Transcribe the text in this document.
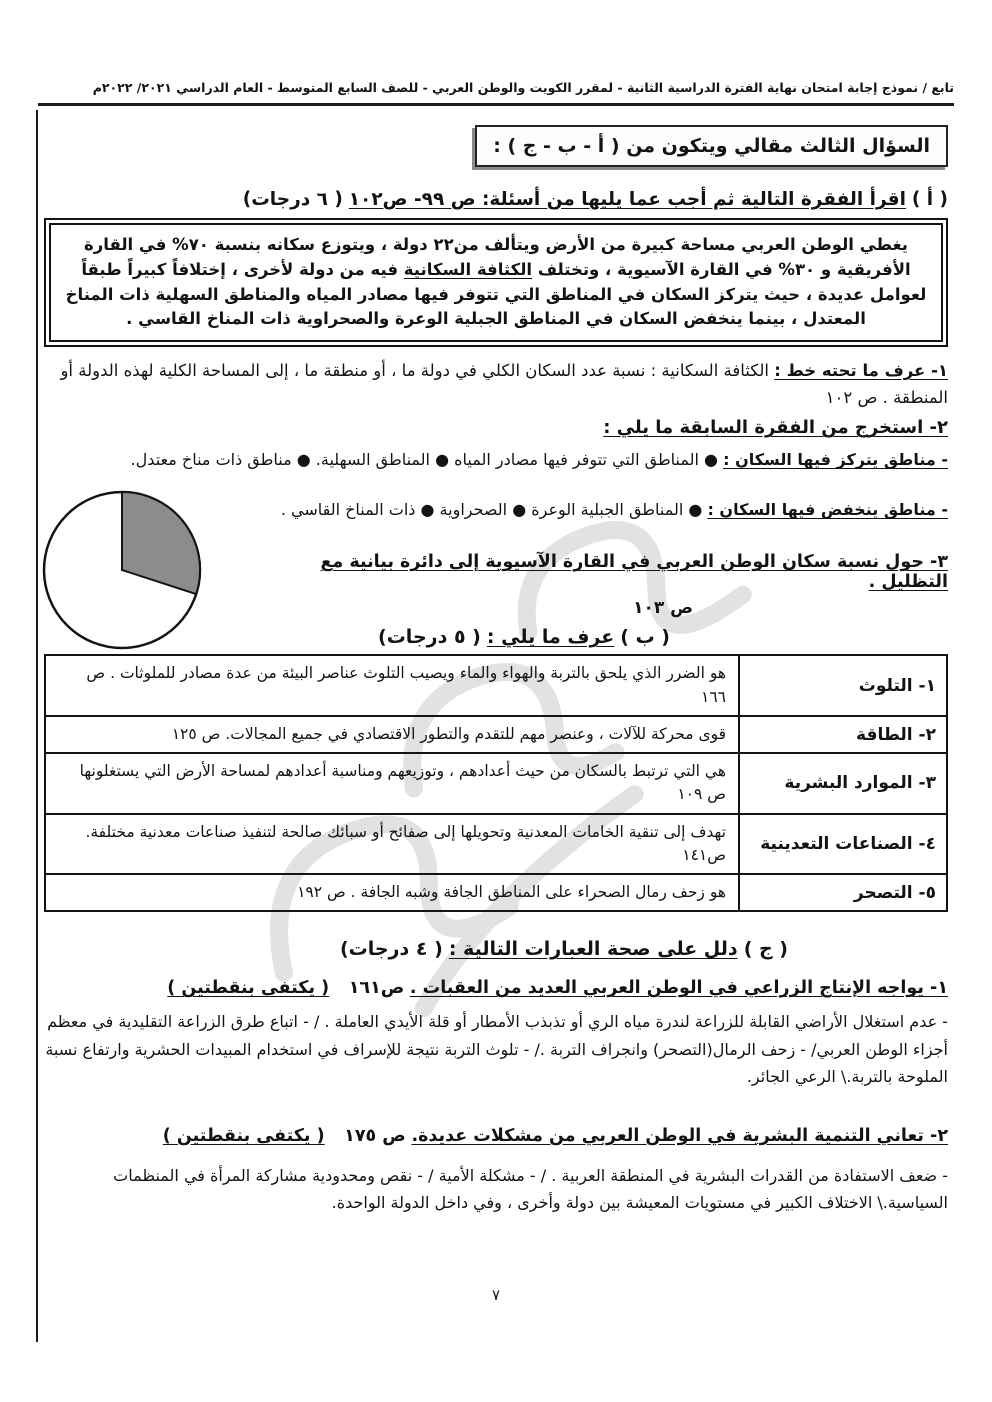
تابع / نموذج إجابة امتحان نهاية الفترة الدراسية الثانية - لمقرر الكويت والوطن العربي - للصف السابع المتوسط - العام الدراسي ٢٠٢١/ ٢٠٢٢م
السؤال الثالث مقالي ويتكون من ( أ - ب - ج ) :
( أ ) اقرأ الفقرة التالية ثم أجب عما يليها من أسئلة: ص ٩٩- ص١٠٢ ( ٦ درجات)
يغطي الوطن العربي مساحة كبيرة من الأرض ويتألف من٢٢ دولة ، ويتوزع سكانه بنسبة ٧٠% في القارة الأفريقية و ٣٠% في القارة الآسيوية ، وتختلف الكثافة السكانية فيه من دولة لأخرى ، إختلافاً كبيراً طبقاً لعوامل عديدة ، حيث يتركز السكان في المناطق التي تتوفر فيها مصادر المياه والمناطق السهلية ذات المناخ المعتدل ، بينما ينخفض السكان في المناطق الجبلية الوعرة والصحراوية ذات المناخ القاسي .
١- عرف ما تحته خط : الكثافة السكانية : نسبة عدد السكان الكلي في دولة ما ، أو منطقة ما ، إلى المساحة الكلية لهذه الدولة أو المنطقة . ص ١٠٢
٢- استخرج من الفقرة السابقة ما يلي :
- مناطق يتركز فيها السكان : ● المناطق التي تتوفر فيها مصادر المياه ● المناطق السهلية. ● مناطق ذات مناخ معتدل.
- مناطق ينخفض فيها السكان : ● المناطق الجبلية الوعرة ● الصحراوية ● ذات المناخ القاسي .
٣- حول نسبة سكان الوطن العربي في القارة الآسيوية إلى دائرة بيانية مع التظليل .
ص ١٠٣
( ب ) عرف ما يلي : ( ٥ درجات)
١- التلوث	هو الضرر الذي يلحق بالتربة والهواء والماء ويصيب التلوث عناصر البيئة من عدة مصادر للملوثات . ص ١٦٦
٢- الطاقة	قوى محركة للآلات ، وعنصر مهم للتقدم والتطور الاقتصادي في جميع المجالات. ص ١٢٥
٣- الموارد البشرية	هي التي ترتبط بالسكان من حيث أعدادهم ، وتوزيعهم ومناسبة أعدادهم لمساحة الأرض التي يستغلونها ص ١٠٩
٤- الصناعات التعدينية	تهدف إلى تنقية الخامات المعدنية وتحويلها إلى صفائح أو سبائك صالحة لتنفيذ صناعات معدنية مختلفة. ص١٤١
٥- التصحر	هو زحف رمال الصحراء على المناطق الجافة وشبه الجافة . ص ١٩٢
( ج ) دلل على صحة العبارات التالية : ( ٤ درجات)
١- يواجه الإنتاج الزراعي في الوطن العربي العديد من العقبات . ص١٦١ ( يكتفى بنقطتين )
- عدم استغلال الأراضي القابلة للزراعة لندرة مياه الري أو تذبذب الأمطار أو قلة الأيدي العاملة . / - اتباع طرق الزراعة التقليدية في معظم أجزاء الوطن العربي/ - زحف الرمال(التصحر) وانجراف التربة ./ - تلوث التربة نتيجة للإسراف في استخدام المبيدات الحشرية وارتفاع نسبة الملوحة بالتربة.\ الرعي الجائر.
٢- تعاني التنمية البشرية في الوطن العربي من مشكلات عديدة. ص ١٧٥ ( يكتفى بنقطتين )
- ضعف الاستفادة من القدرات البشرية في المنطقة العربية . / - مشكلة الأمية / - نقص ومحدودية مشاركة المرأة في المنظمات السياسية.\ الاختلاف الكبير في مستويات المعيشة بين دولة وأخرى ، وفي داخل الدولة الواحدة.
٧
